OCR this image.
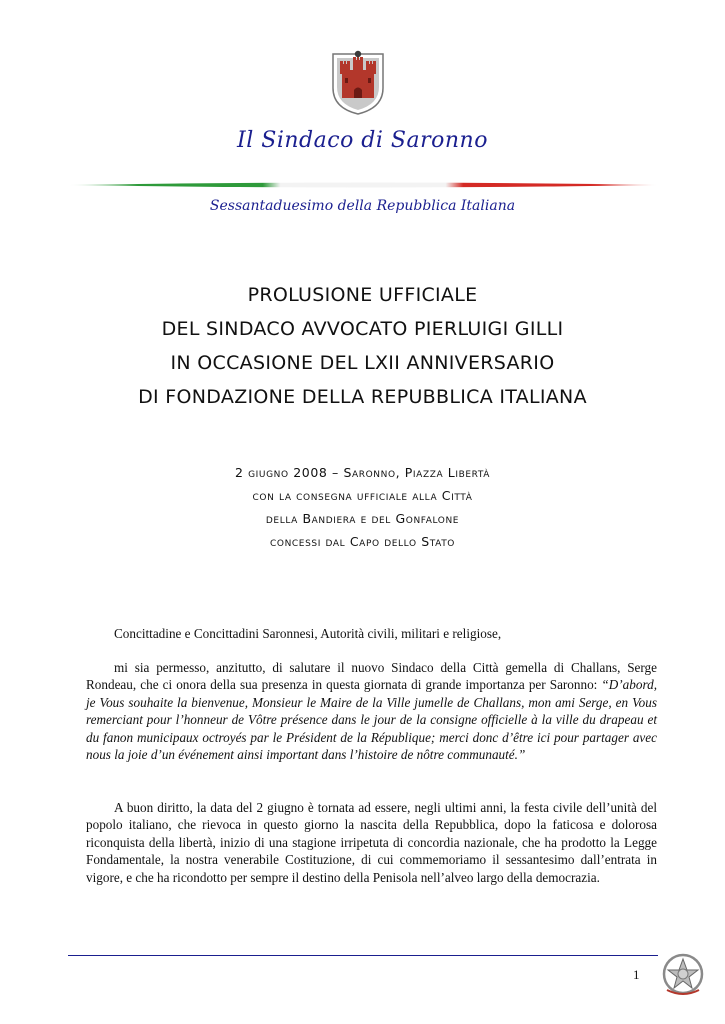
Il Sindaco di Saronno
Sessantaduesimo della Repubblica Italiana
PROLUSIONE UFFICIALE
DEL SINDACO AVVOCATO PIERLUIGI GILLI
IN OCCASIONE DEL LXII ANNIVERSARIO
DI FONDAZIONE DELLA REPUBBLICA ITALIANA
2 giugno 2008 – Saronno, Piazza Libertà
con la consegna ufficiale alla Città
della Bandiera e del Gonfalone
concessi dal Capo dello Stato
Concittadine e Concittadini Saronnesi, Autorità civili, militari e religiose,
mi sia permesso, anzitutto, di salutare il nuovo Sindaco della Città gemella di Challans, Serge Rondeau, che ci onora della sua presenza in questa giornata di grande importanza per Saronno: “D’abord, je Vous souhaite la bienvenue, Monsieur le Maire de la Ville jumelle de Challans, mon ami Serge, en Vous remerciant pour l’honneur de Vôtre présence dans le jour de la consigne officielle à la ville du drapeau et du fanon municipaux octroyés par le Président de la République; merci donc d’être ici pour partager avec nous la joie d’un événement ainsi important dans l’histoire de nôtre communauté.”
A buon diritto, la data del 2 giugno è tornata ad essere, negli ultimi anni, la festa civile dell’unità del popolo italiano, che rievoca in questo giorno la nascita della Repubblica, dopo la faticosa e dolorosa riconquista della libertà, inizio di una stagione irripetuta di concordia nazionale, che ha prodotto la Legge Fondamentale, la nostra venerabile Costituzione, di cui commemoriamo il sessantesimo dall’entrata in vigore, e che ha ricondotto per sempre il destino della Penisola nell’alveo largo della democrazia.
1
